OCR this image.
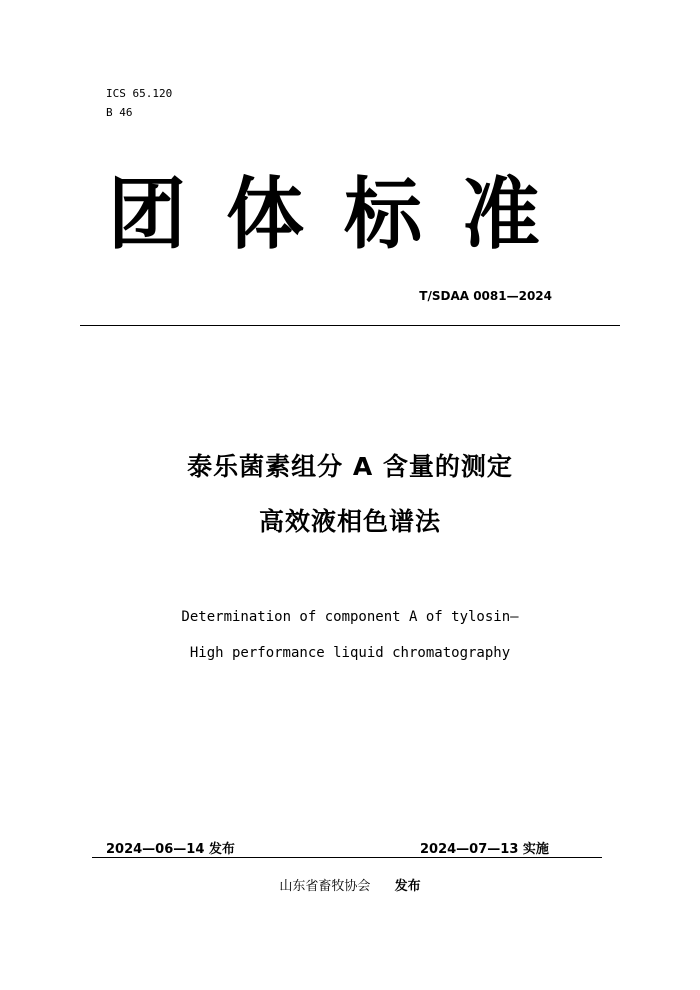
ICS 65.120
B 46
团体标准
T/SDAA 0081—2024
泰乐菌素组分 A 含量的测定
高效液相色谱法
Determination of component A of tylosin—
High performance liquid chromatography
2024—06—14 发布	2024—07—13 实施
山东省畜牧协会 发布
